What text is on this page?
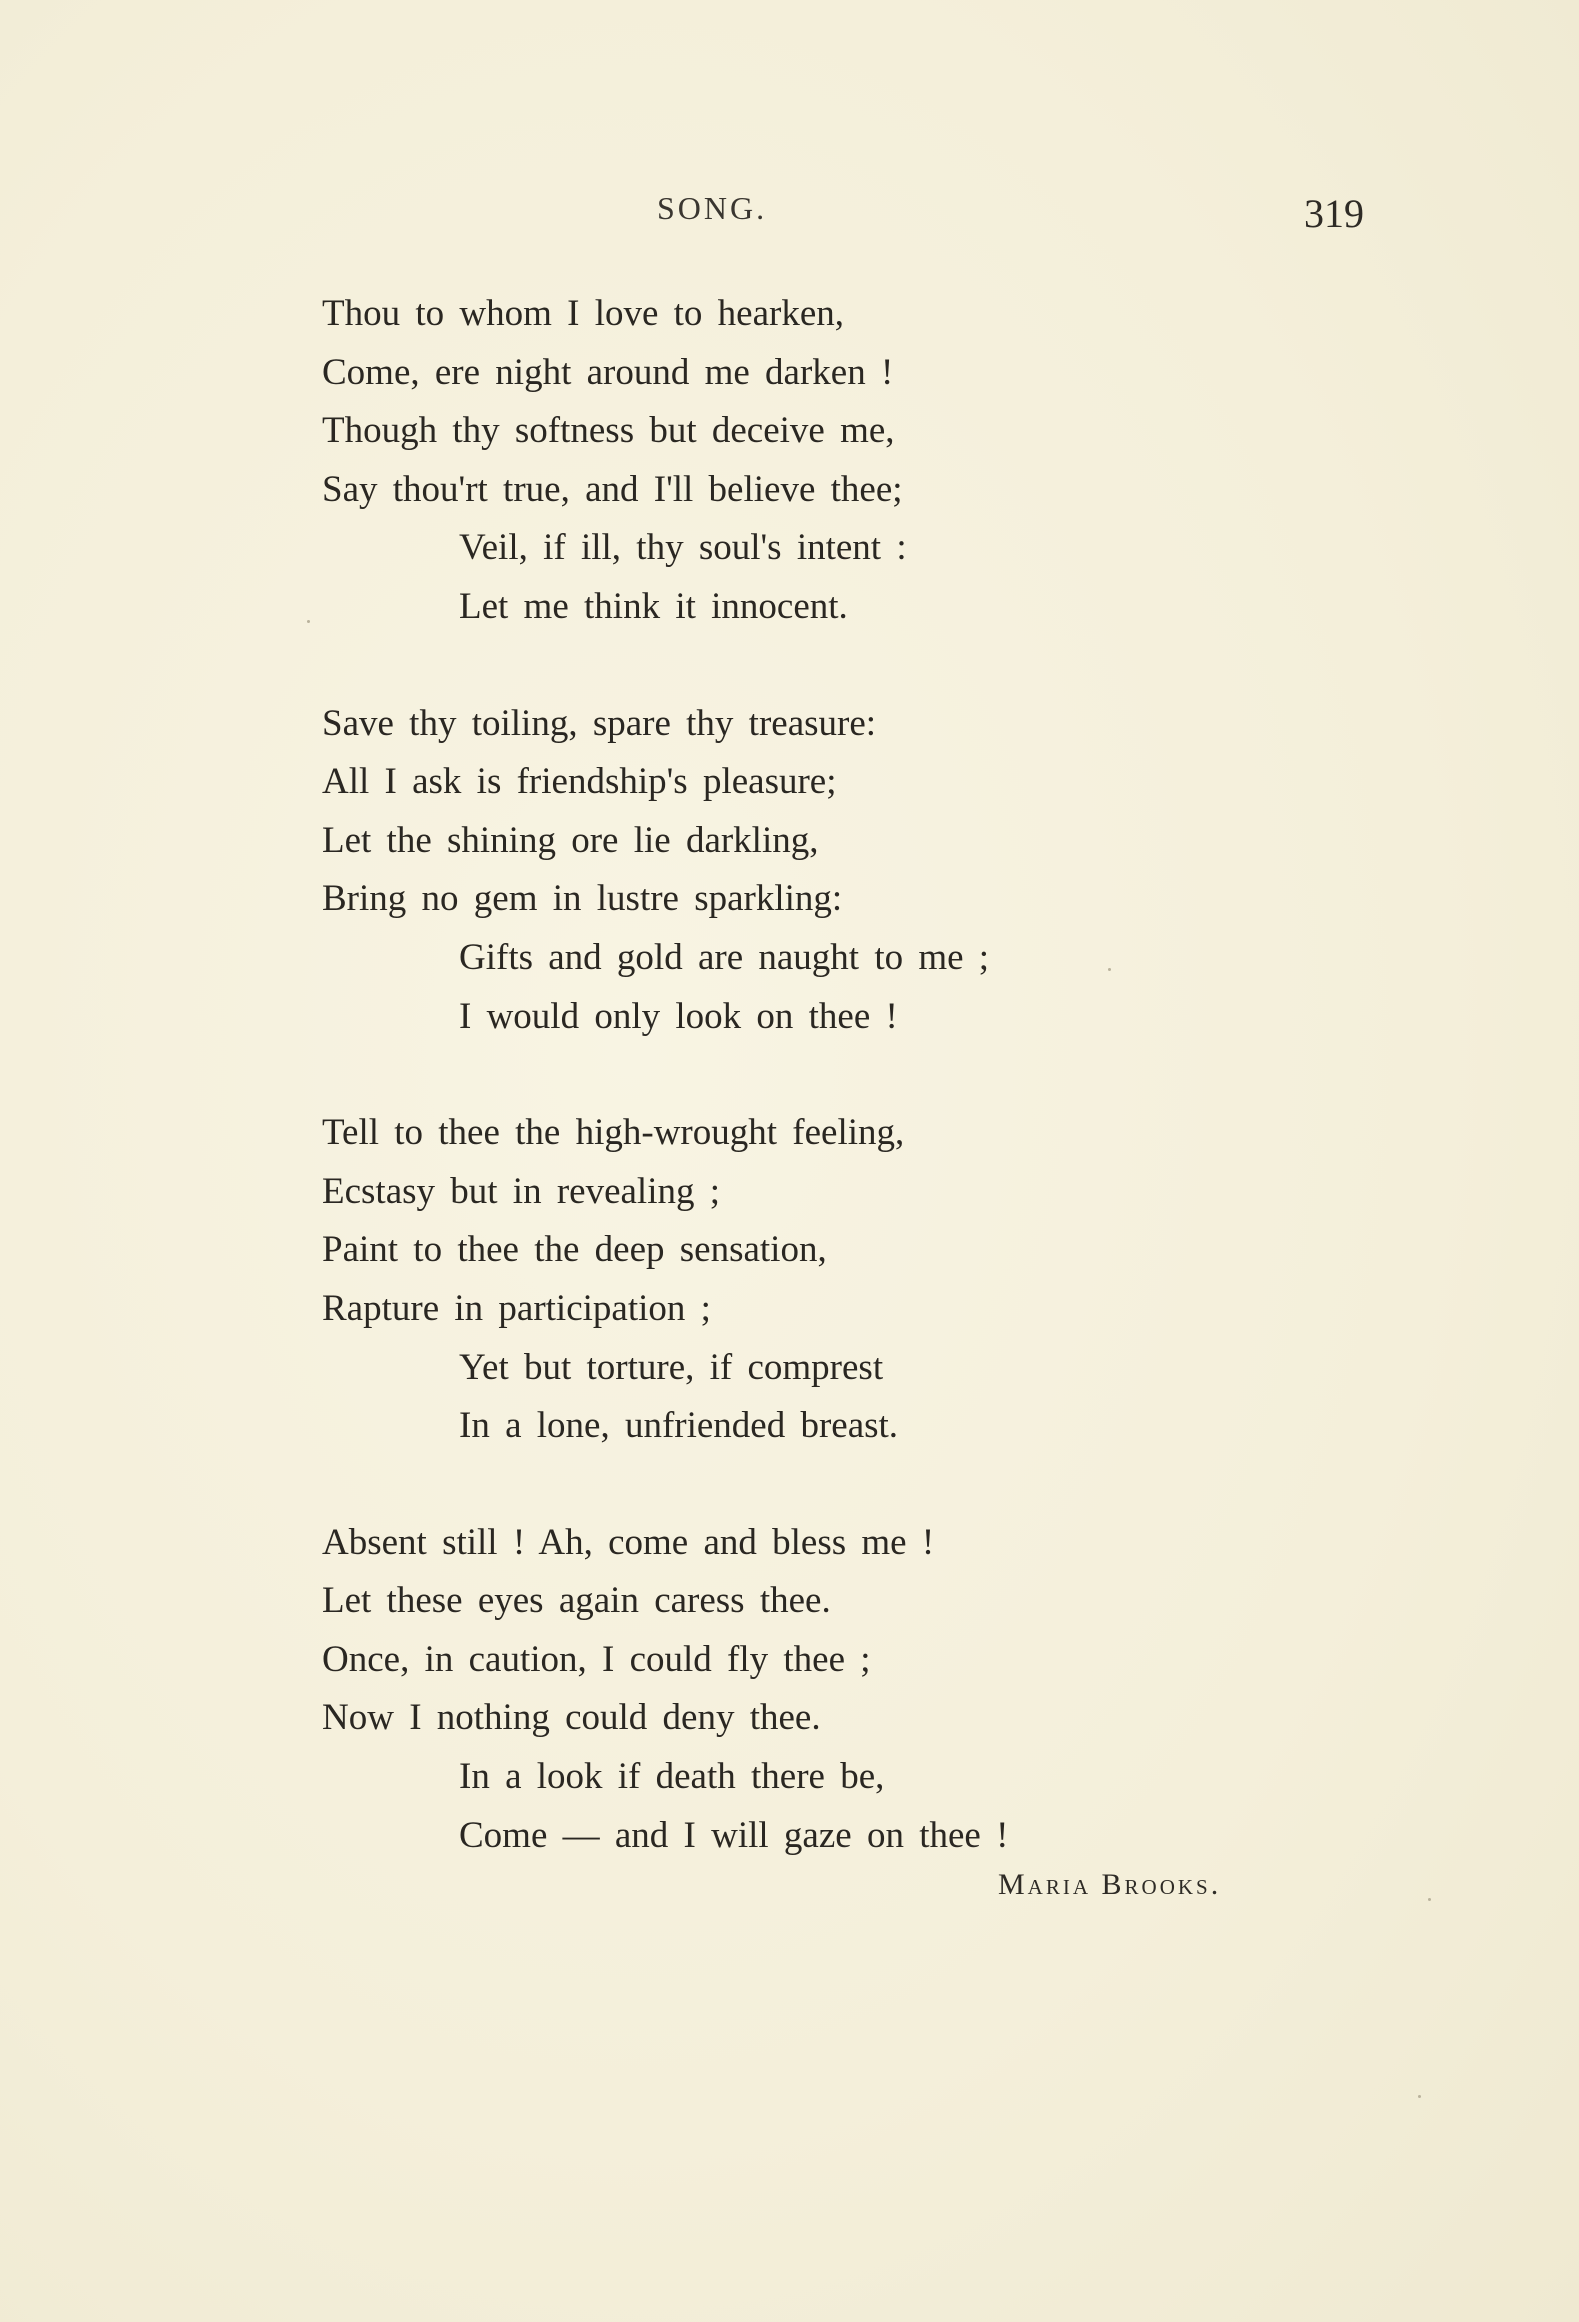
SONG.	319
Thou to whom I love to hearken,
Come, ere night around me darken !
Though thy softness but deceive me,
Say thou'rt true, and I'll believe thee;
Veil, if ill, thy soul's intent :
Let me think it innocent.
Save thy toiling, spare thy treasure:
All I ask is friendship's pleasure;
Let the shining ore lie darkling,
Bring no gem in lustre sparkling:
Gifts and gold are naught to me ;
I would only look on thee !
Tell to thee the high-wrought feeling,
Ecstasy but in revealing ;
Paint to thee the deep sensation,
Rapture in participation ;
Yet but torture, if comprest
In a lone, unfriended breast.
Absent still ! Ah, come and bless me !
Let these eyes again caress thee.
Once, in caution, I could fly thee ;
Now I nothing could deny thee.
In a look if death there be,
Come — and I will gaze on thee !
Maria Brooks.
